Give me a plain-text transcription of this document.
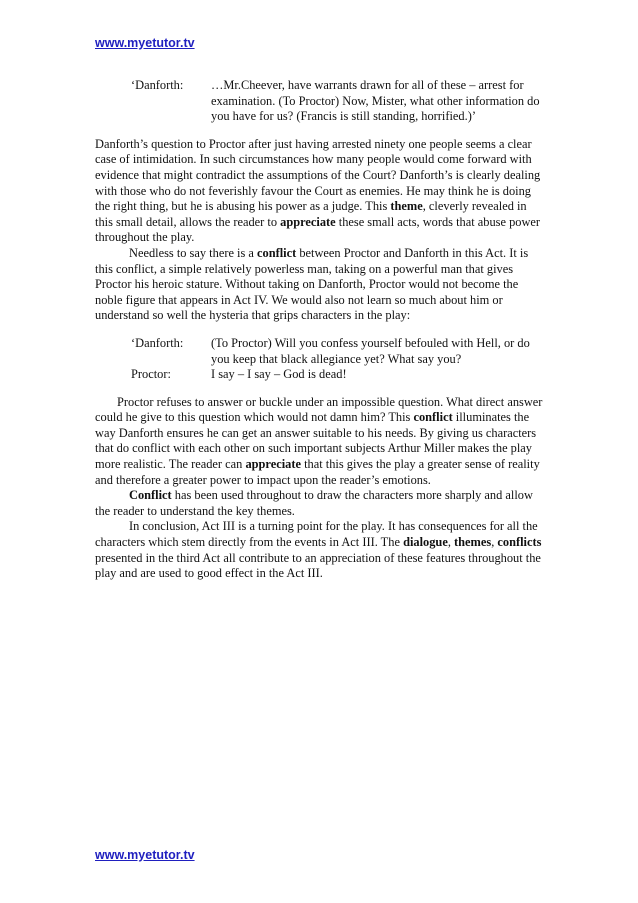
www.myetutor.tv
‘Danforth:	…Mr.Cheever, have warrants drawn for all of these – arrest for examination. (To Proctor) Now, Mister, what other information do you have for us? (Francis is still standing, horrified.)’

Danforth’s question to Proctor after just having arrested ninety one people seems a clear case of intimidation. In such circumstances how many people would come forward with evidence that might contradict the assumptions of the Court? Danforth’s is clearly dealing with those who do not feverishly favour the Court as enemies. He may think he is doing the right thing, but he is abusing his power as a judge. This theme, cleverly revealed in this small detail, allows the reader to appreciate these small acts, words that abuse power throughout the play.

Needless to say there is a conflict between Proctor and Danforth in this Act. It is this conflict, a simple relatively powerless man, taking on a powerful man that gives Proctor his heroic stature. Without taking on Danforth, Proctor would not become the noble figure that appears in Act IV. We would also not learn so much about him or understand so well the hysteria that grips characters in the play:

‘Danforth:	(To Proctor) Will you confess yourself befouled with Hell, or do you keep that black allegiance yet? What say you?
Proctor:	I say – I say – God is dead!

Proctor refuses to answer or buckle under an impossible question. What direct answer could he give to this question which would not damn him? This conflict illuminates the way Danforth ensures he can get an answer suitable to his needs. By giving us characters that do conflict with each other on such important subjects Arthur Miller makes the play more realistic. The reader can appreciate that this gives the play a greater sense of reality and therefore a greater power to impact upon the reader’s emotions.

Conflict has been used throughout to draw the characters more sharply and allow the reader to understand the key themes.

In conclusion, Act III is a turning point for the play. It has consequences for all the characters which stem directly from the events in Act III. The dialogue, themes, conflicts presented in the third Act all contribute to an appreciation of these features throughout the play and are used to good effect in the Act III.

www.myetutor.tv
